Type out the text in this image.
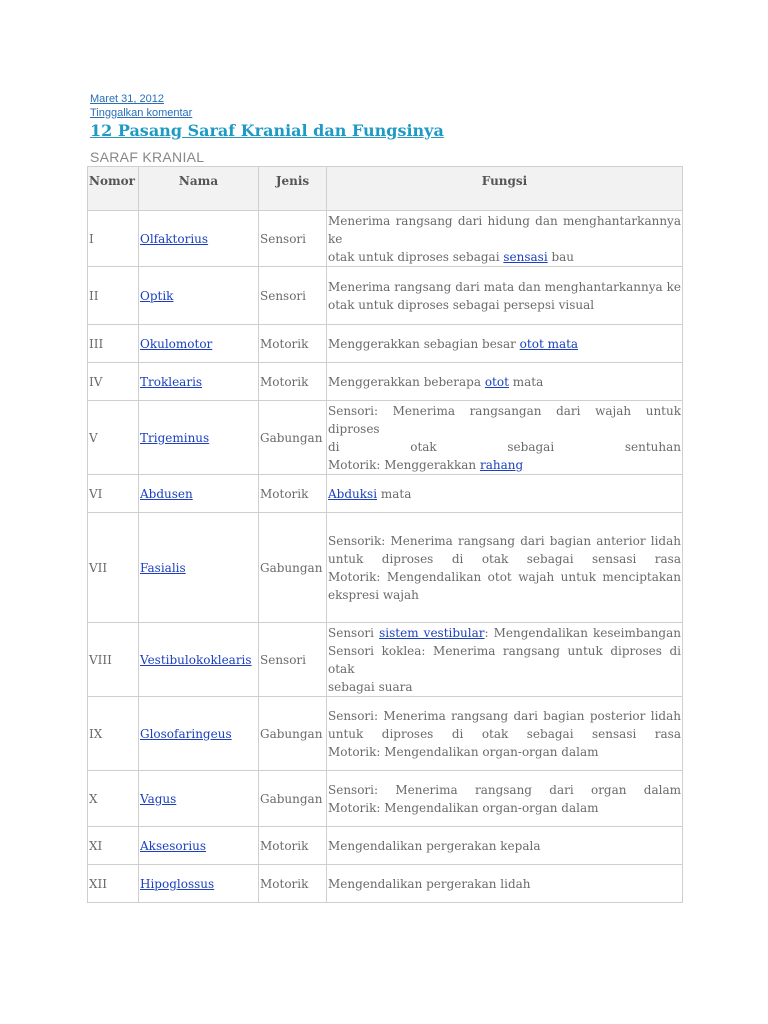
Maret 31, 2012
Tinggalkan komentar
12 Pasang Saraf Kranial dan Fungsinya
SARAF KRANIAL
Nomor	Nama	Jenis	Fungsi
I	Olfaktorius	Sensori	Menerima rangsang dari hidung dan menghantarkannya ke
otak untuk diproses sebagai sensasi bau

II	Optik	Sensori	Menerima rangsang dari mata dan menghantarkannya ke
otak untuk diproses sebagai persepsi visual

III	Okulomotor	Motorik	Menggerakkan sebagian besar otot mata

IV	Troklearis	Motorik	Menggerakkan beberapa otot mata

V	Trigeminus	Gabungan	Sensori: Menerima rangsangan dari wajah untuk diproses
di otak sebagai sentuhan
Motorik: Menggerakkan rahang

VI	Abdusen	Motorik	Abduksi mata

VII	Fasialis	Gabungan	Sensorik: Menerima rangsang dari bagian anterior lidah
untuk diproses di otak sebagai sensasi rasa
Motorik: Mengendalikan otot wajah untuk menciptakan
ekspresi wajah

VIII	Vestibulokoklearis	Sensori	Sensori sistem vestibular: Mengendalikan keseimbangan
Sensori koklea: Menerima rangsang untuk diproses di otak
sebagai suara

IX	Glosofaringeus	Gabungan	Sensori: Menerima rangsang dari bagian posterior lidah
untuk diproses di otak sebagai sensasi rasa
Motorik: Mengendalikan organ-organ dalam

X	Vagus	Gabungan	Sensori: Menerima rangsang dari organ dalam
Motorik: Mengendalikan organ-organ dalam

XI	Aksesorius	Motorik	Mengendalikan pergerakan kepala

XII	Hipoglossus	Motorik	Mengendalikan pergerakan lidah
